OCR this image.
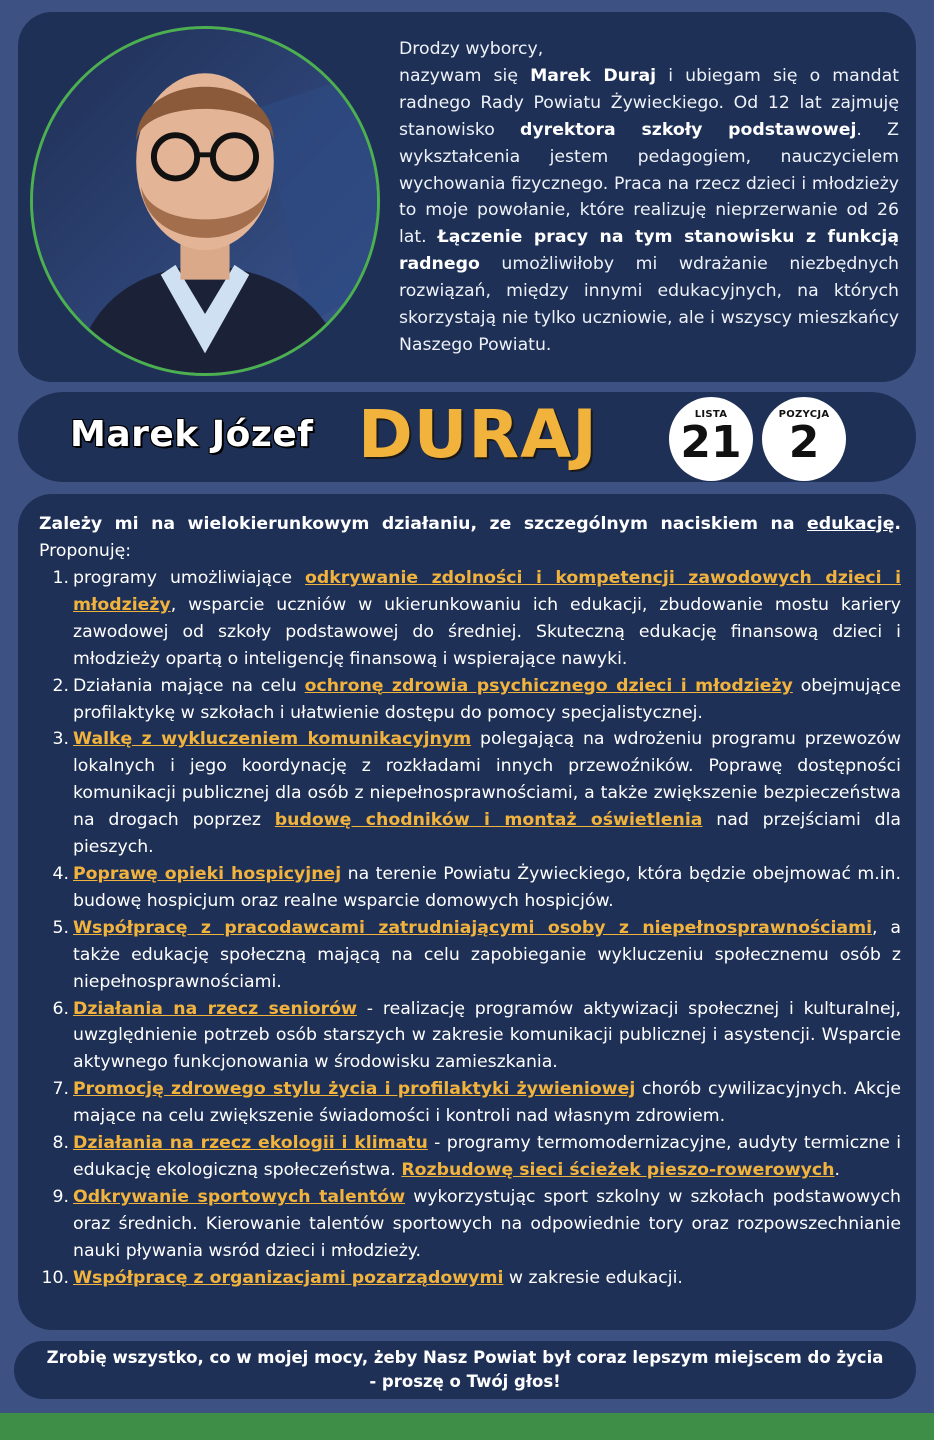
Drodzy wyborcy,
nazywam się Marek Duraj i ubiegam się o mandat radnego Rady Powiatu Żywieckiego. Od 12 lat zajmuję stanowisko dyrektora szkoły podstawowej. Z wykształcenia jestem pedagogiem, nauczycielem wychowania fizycznego. Praca na rzecz dzieci i młodzieży to moje powołanie, które realizuję nieprzerwanie od 26 lat. Łączenie pracy na tym stanowisku z funkcją radnego umożliwiłoby mi wdrażanie niezbędnych rozwiązań, między innymi edukacyjnych, na których skorzystają nie tylko uczniowie, ale i wszyscy mieszkańcy Naszego Powiatu.

Marek Józef DURAJ	LISTA
21
POZYCJA
2

Zależy mi na wielokierunkowym działaniu, ze szczególnym naciskiem na edukację. Proponuję:

1. programy umożliwiające odkrywanie zdolności i kompetencji zawodowych dzieci i młodzieży, wsparcie uczniów w ukierunkowaniu ich edukacji, zbudowanie mostu kariery zawodowej od szkoły podstawowej do średniej. Skuteczną edukację finansową dzieci i młodzieży opartą o inteligencję finansową i wspierające nawyki.
2. Działania mające na celu ochronę zdrowia psychicznego dzieci i młodzieży obejmujące profilaktykę w szkołach i ułatwienie dostępu do pomocy specjalistycznej.
3. Walkę z wykluczeniem komunikacyjnym polegającą na wdrożeniu programu przewozów lokalnych i jego koordynację z rozkładami innych przewoźników. Poprawę dostępności komunikacji publicznej dla osób z niepełnosprawnościami, a także zwiększenie bezpieczeństwa na drogach poprzez budowę chodników i montaż oświetlenia nad przejściami dla pieszych.
4. Poprawę opieki hospicyjnej na terenie Powiatu Żywieckiego, która będzie obejmować m.in. budowę hospicjum oraz realne wsparcie domowych hospicjów.
5. Współpracę z pracodawcami zatrudniającymi osoby z niepełnosprawnościami, a także edukację społeczną mającą na celu zapobieganie wykluczeniu społecznemu osób z niepełnosprawnościami.
6. Działania na rzecz seniorów - realizację programów aktywizacji społecznej i kulturalnej, uwzględnienie potrzeb osób starszych w zakresie komunikacji publicznej i asystencji. Wsparcie aktywnego funkcjonowania w środowisku zamieszkania.
7. Promocję zdrowego stylu życia i profilaktyki żywieniowej chorób cywilizacyjnych. Akcje mające na celu zwiększenie świadomości i kontroli nad własnym zdrowiem.
8. Działania na rzecz ekologii i klimatu - programy termomodernizacyjne, audyty termiczne i edukację ekologiczną społeczeństwa. Rozbudowę sieci ścieżek pieszo-rowerowych.
9. Odkrywanie sportowych talentów wykorzystując sport szkolny w szkołach podstawowych oraz średnich. Kierowanie talentów sportowych na odpowiednie tory oraz rozpowszechnianie nauki pływania wsród dzieci i młodzieży.
10. Współpracę z organizacjami pozarządowymi w zakresie edukacji.

Zrobię wszystko, co w mojej mocy, żeby Nasz Powiat był coraz lepszym miejscem do życia
- proszę o Twój głos!
